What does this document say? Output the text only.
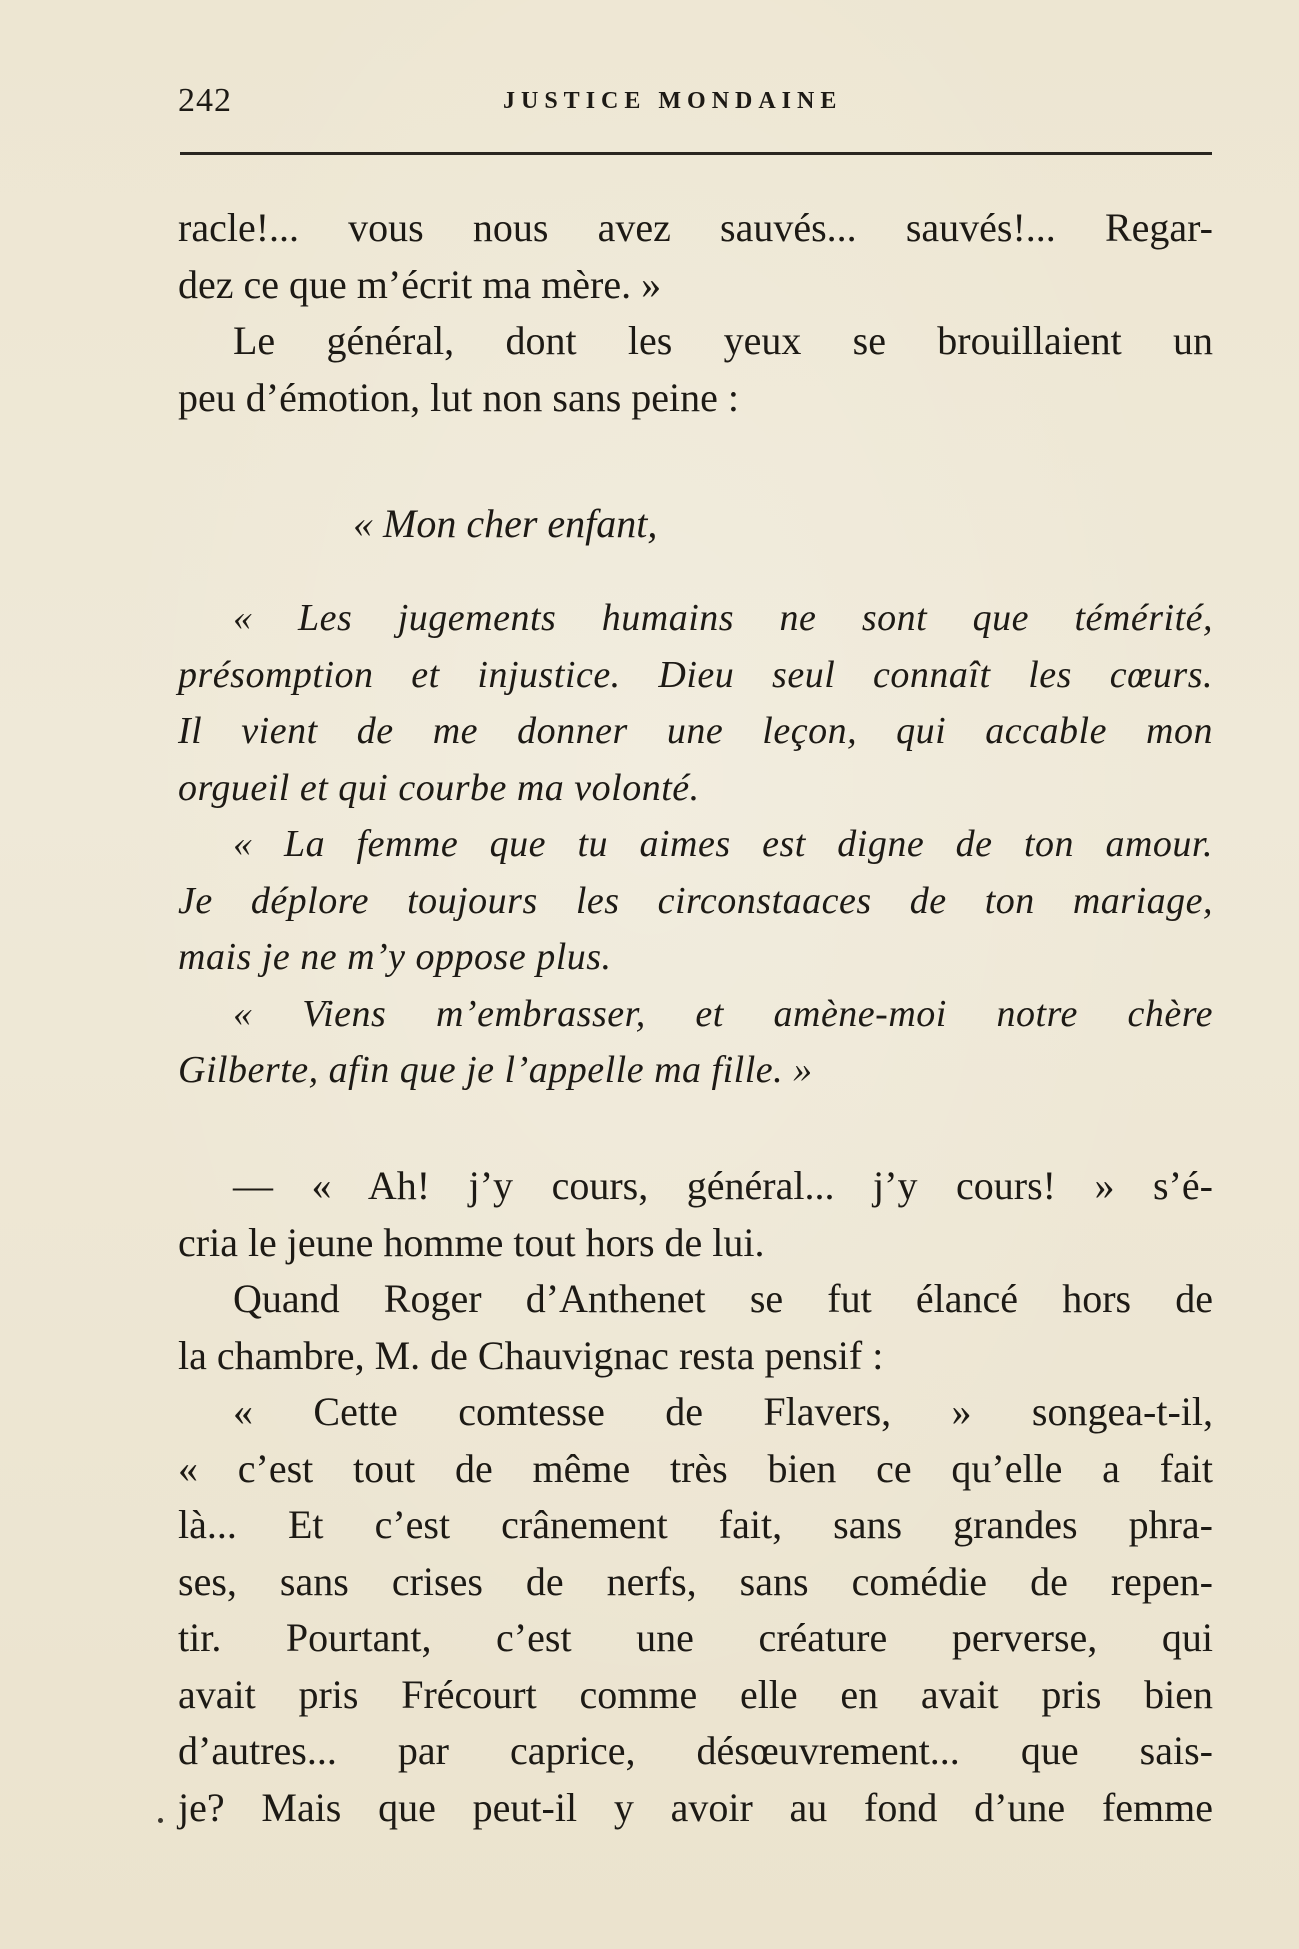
242	JUSTICE MONDAINE
racle!... vous nous avez sauvés... sauvés!... Regar-
dez ce que m’écrit ma mère. »
Le général, dont les yeux se brouillaient un
peu d’émotion, lut non sans peine :
« Mon cher enfant,
« Les jugements humains ne sont que témérité,
présomption et injustice. Dieu seul connaît les cœurs.
Il vient de me donner une leçon, qui accable mon
orgueil et qui courbe ma volonté.
« La femme que tu aimes est digne de ton amour.
Je déplore toujours les circonstaaces de ton mariage,
mais je ne m’y oppose plus.
« Viens m’embrasser, et amène-moi notre chère
Gilberte, afin que je l’appelle ma fille. »
— « Ah! j’y cours, général... j’y cours! » s’é-
cria le jeune homme tout hors de lui.
Quand Roger d’Anthenet se fut élancé hors de
la chambre, M. de Chauvignac resta pensif :
« Cette comtesse de Flavers, » songea-t-il,
« c’est tout de même très bien ce qu’elle a fait
là... Et c’est crânement fait, sans grandes phra-
ses, sans crises de nerfs, sans comédie de repen-
tir. Pourtant, c’est une créature perverse, qui
avait pris Frécourt comme elle en avait pris bien
d’autres... par caprice, désœuvrement... que sais-
je? Mais que peut-il y avoir au fond d’une femme
